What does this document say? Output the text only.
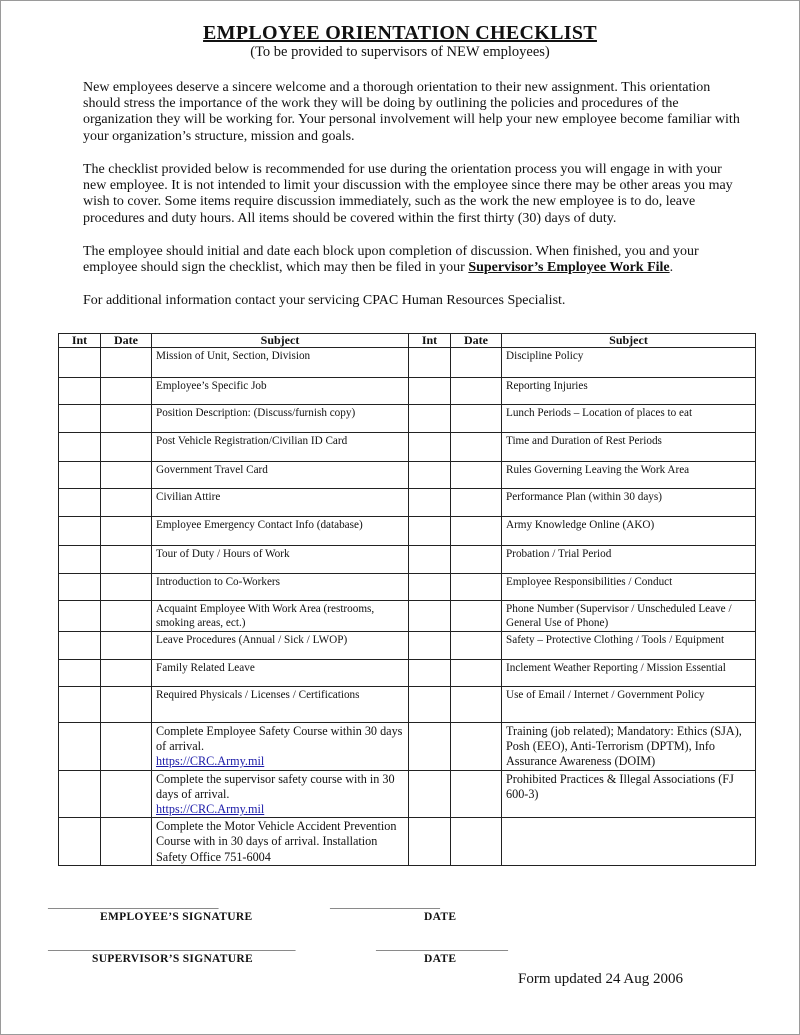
EMPLOYEE ORIENTATION CHECKLIST
(To be provided to supervisors of NEW employees)

New employees deserve a sincere welcome and a thorough orientation to their new assignment. This orientation should stress the importance of the work they will be doing by outlining the policies and procedures of the organization they will be working for. Your personal involvement will help your new employee become familiar with your organization’s structure, mission and goals.

The checklist provided below is recommended for use during the orientation process you will engage in with your new employee. It is not intended to limit your discussion with the employee since there may be other areas you may wish to cover. Some items require discussion immediately, such as the work the new employee is to do, leave procedures and duty hours. All items should be covered within the first thirty (30) days of duty.

The employee should initial and date each block upon completion of discussion. When finished, you and your employee should sign the checklist, which may then be filed in your Supervisor’s Employee Work File.

For additional information contact your servicing CPAC Human Resources Specialist.

Int	Date	Subject	Int	Date	Subject
		Mission of Unit, Section, Division			Discipline Policy
		Employee’s Specific Job			Reporting Injuries
		Position Description: (Discuss/furnish copy)			Lunch Periods – Location of places to eat
		Post Vehicle Registration/Civilian ID Card			Time and Duration of Rest Periods
		Government Travel Card			Rules Governing Leaving the Work Area
		Civilian Attire			Performance Plan (within 30 days)
		Employee Emergency Contact Info (database)			Army Knowledge Online (AKO)
		Tour of Duty / Hours of Work			Probation / Trial Period
		Introduction to Co-Workers			Employee Responsibilities / Conduct
		Acquaint Employee With Work Area (restrooms, smoking areas, ect.)			Phone Number (Supervisor / Unscheduled Leave / General Use of Phone)
		Leave Procedures (Annual / Sick / LWOP)			Safety – Protective Clothing / Tools / Equipment
		Family Related Leave			Inclement Weather Reporting / Mission Essential
		Required Physicals / Licenses / Certifications			Use of Email / Internet / Government Policy

		Complete Employee Safety Course within 30 days of arrival.
https://CRC.Army.mil			Training (job related); Mandatory: Ethics (SJA), Posh (EEO), Anti-Terrorism (DPTM), Info Assurance Awareness (DOIM)

		Complete the supervisor safety course with in 30 days of arrival.
https://CRC.Army.mil			Prohibited Practices & Illegal Associations (FJ 600-3)
		Complete the Motor Vehicle Accident Prevention Course with in 30 days of arrival. Installation Safety Office 751-6004			
_______________________________	____________________
EMPLOYEE’S SIGNATURE	DATE
_____________________________________________	________________________
SUPERVISOR’S SIGNATURE	DATE
Form updated 24 Aug 2006
